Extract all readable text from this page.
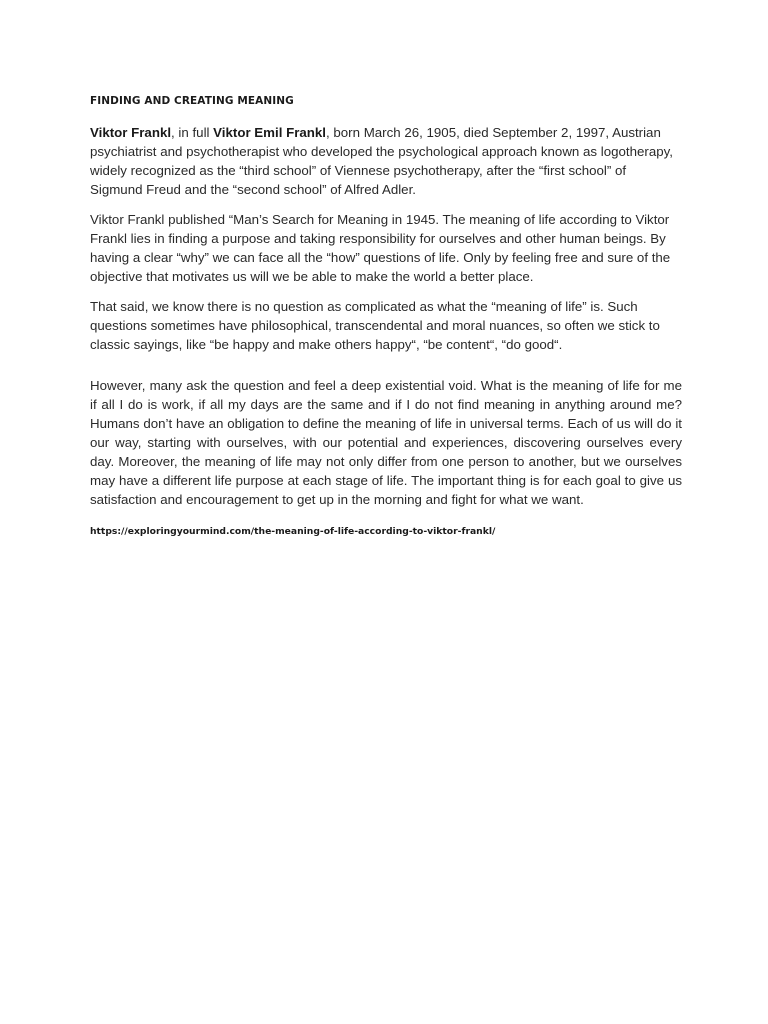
FINDING AND CREATING MEANING

Viktor Frankl, in full Viktor Emil Frankl, born March 26, 1905, died September 2, 1997, Austrian psychiatrist and psychotherapist who developed the psychological approach known as logotherapy, widely recognized as the “third school” of Viennese psychotherapy, after the “first school” of Sigmund Freud and the “second school” of Alfred Adler.

Viktor Frankl published “Man’s Search for Meaning in 1945. The meaning of life according to Viktor Frankl lies in finding a purpose and taking responsibility for ourselves and other human beings. By having a clear “why” we can face all the “how” questions of life. Only by feeling free and sure of the objective that motivates us will we be able to make the world a better place.

That said, we know there is no question as complicated as what the “meaning of life” is. Such questions sometimes have philosophical, transcendental and moral nuances, so often we stick to classic sayings, like “be happy and make others happy“, “be content“, “do good“.

However, many ask the question and feel a deep existential void. What is the meaning of life for me if all I do is work, if all my days are the same and if I do not find meaning in anything around me? Humans don’t have an obligation to define the meaning of life in universal terms. Each of us will do it our way, starting with ourselves, with our potential and experiences, discovering ourselves every day. Moreover, the meaning of life may not only differ from one person to another, but we ourselves may have a different life purpose at each stage of life. The important thing is for each goal to give us satisfaction and encouragement to get up in the morning and fight for what we want.

https://exploringyourmind.com/the-meaning-of-life-according-to-viktor-frankl/
